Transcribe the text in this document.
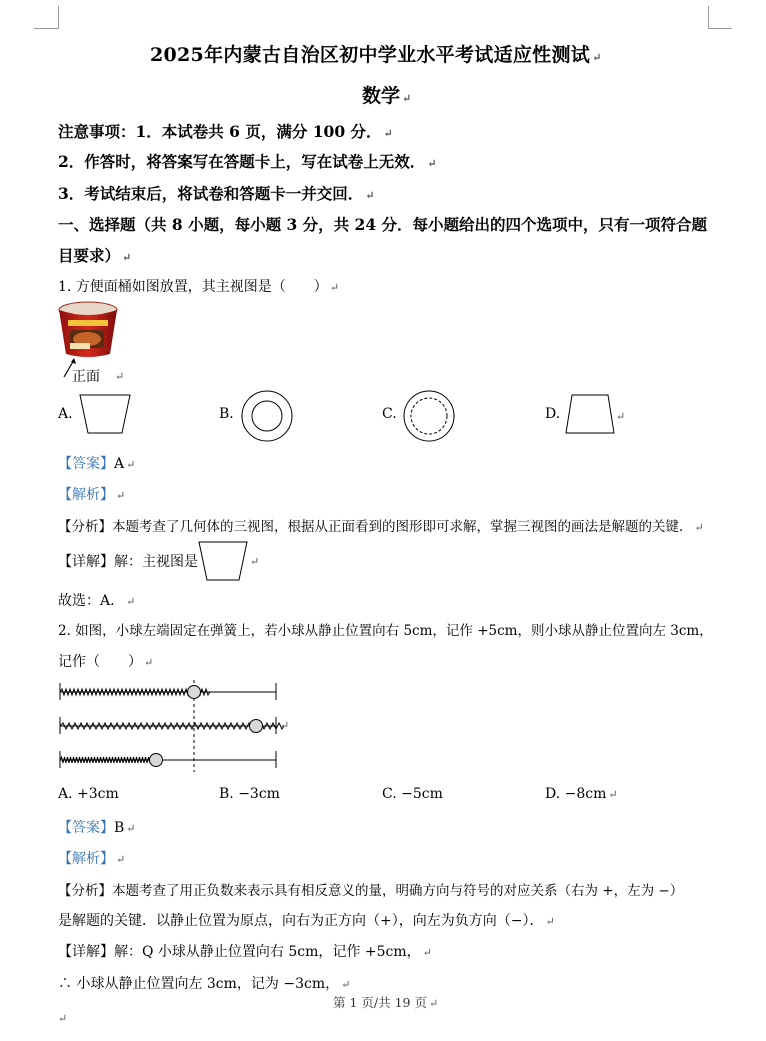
2025年内蒙古自治区初中学业水平考试适应性测试 ↵
数学 ↵
注意事项：1．本试卷共 6 页，满分 100 分． ↵
2．作答时，将答案写在答题卡上，写在试卷上无效． ↵
3．考试结束后，将试卷和答题卡一并交回． ↵
一、选择题（共 8 小题，每小题 3 分，共 24 分．每小题给出的四个选项中，只有一项符合题
目要求） ↵
1. 方便面桶如图放置，其主视图是（　　） ↵
正面 ↵
A.	B.	C.	D.	↵
【答案】A ↵
【解析】 ↵
【分析】本题考查了几何体的三视图，根据从正面看到的图形即可求解，掌握三视图的画法是解题的关键． ↵
【详解】解：主视图是	↵
故选：A． ↵
2. 如图，小球左端固定在弹簧上，若小球从静止位置向右 5cm，记作 +5cm，则小球从静止位置向左 3cm，
记作（　　） ↵
↵
A. +3cm	B. −3cm	C. −5cm	D. −8cm ↵
【答案】B ↵
【解析】 ↵
【分析】本题考查了用正负数来表示具有相反意义的量，明确方向与符号的对应关系（右为 +，左为 −）
是解题的关键．以静止位置为原点，向右为正方向（+），向左为负方向（−）． ↵
【详解】解：Q 小球从静止位置向右 5cm，记作 +5cm， ↵
∴ 小球从静止位置向左 3cm，记为 −3cm， ↵
第 1 页/共 19 页 ↵
↵
